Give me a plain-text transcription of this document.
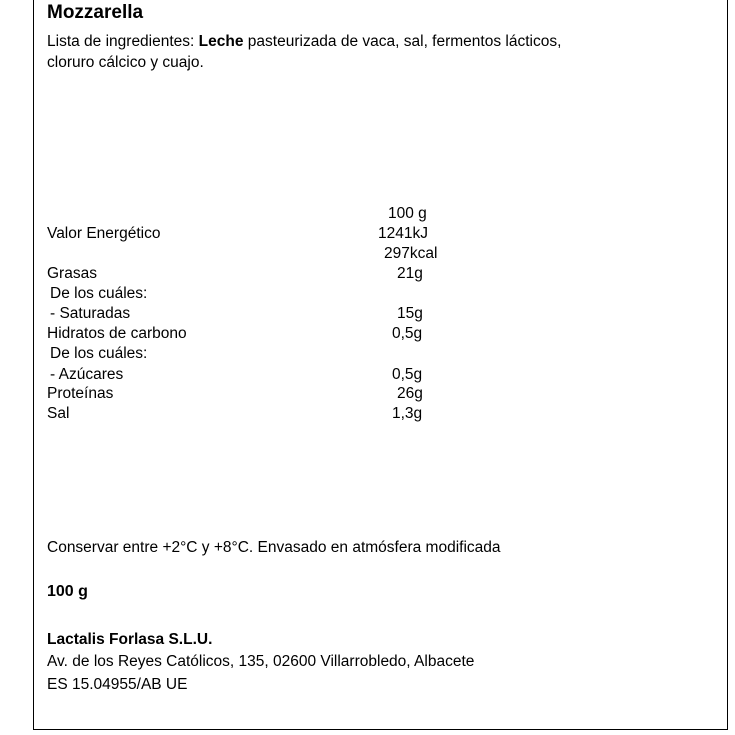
Mozzarella
Lista de ingredientes: Leche pasteurizada de vaca, sal, fermentos lácticos,
cloruro cálcico y cuajo.
100 g
Valor Energético	1241kJ
297kcal
Grasas	21g
De los cuáles:
- Saturadas	15g
Hidratos de carbono	0,5g
De los cuáles:
- Azúcares	0,5g
Proteínas	26g
Sal	1,3g
Conservar entre +2°C y +8°C. Envasado en atmósfera modificada
100 g
Lactalis Forlasa S.L.U.
Av. de los Reyes Católicos, 135, 02600 Villarrobledo, Albacete
ES 15.04955/AB UE
